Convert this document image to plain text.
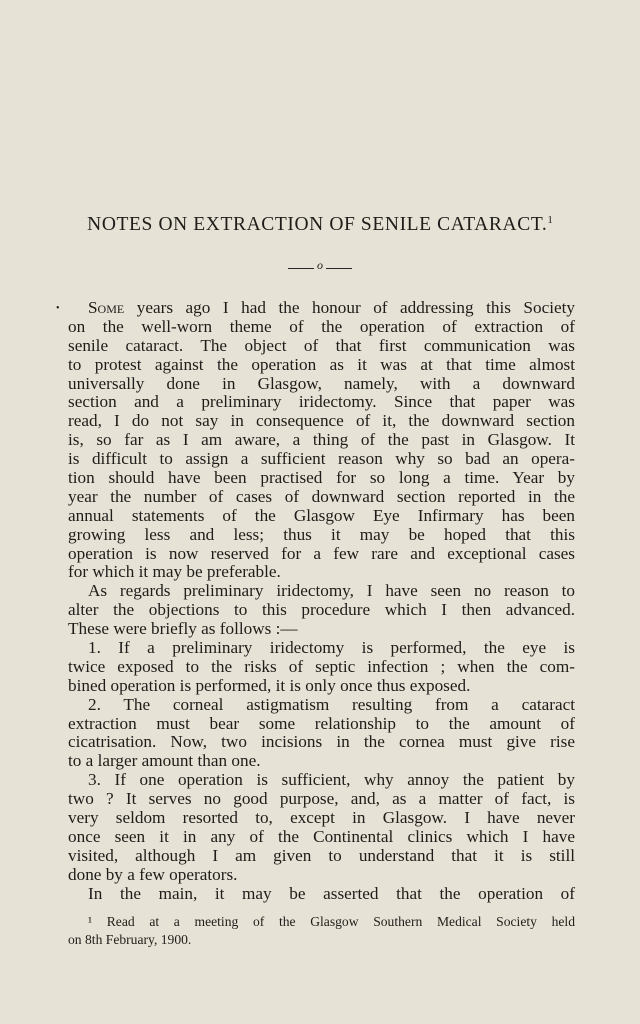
NOTES ON EXTRACTION OF SENILE CATARACT.$^1$
o
•	Some years ago I had the honour of addressing this Society
on the well-worn theme of the operation of extraction of
senile cataract. The object of that first communication was
to protest against the operation as it was at that time almost
universally done in Glasgow, namely, with a downward
section and a preliminary iridectomy. Since that paper was
read, I do not say in consequence of it, the downward section
is, so far as I am aware, a thing of the past in Glasgow. It
is difficult to assign a sufficient reason why so bad an opera-
tion should have been practised for so long a time. Year by
year the number of cases of downward section reported in the
annual statements of the Glasgow Eye Infirmary has been
growing less and less; thus it may be hoped that this
operation is now reserved for a few rare and exceptional cases
for which it may be preferable.
As regards preliminary iridectomy, I have seen no reason to
alter the objections to this procedure which I then advanced.
These were briefly as follows :—
1. If a preliminary iridectomy is performed, the eye is
twice exposed to the risks of septic infection ; when the com-
bined operation is performed, it is only once thus exposed.
2. The corneal astigmatism resulting from a cataract
extraction must bear some relationship to the amount of
cicatrisation. Now, two incisions in the cornea must give rise
to a larger amount than one.
3. If one operation is sufficient, why annoy the patient by
two ? It serves no good purpose, and, as a matter of fact, is
very seldom resorted to, except in Glasgow. I have never
once seen it in any of the Continental clinics which I have
visited, although I am given to understand that it is still
done by a few operators.
In the main, it may be asserted that the operation of
¹ Read at a meeting of the Glasgow Southern Medical Society held
on 8th February, 1900.
